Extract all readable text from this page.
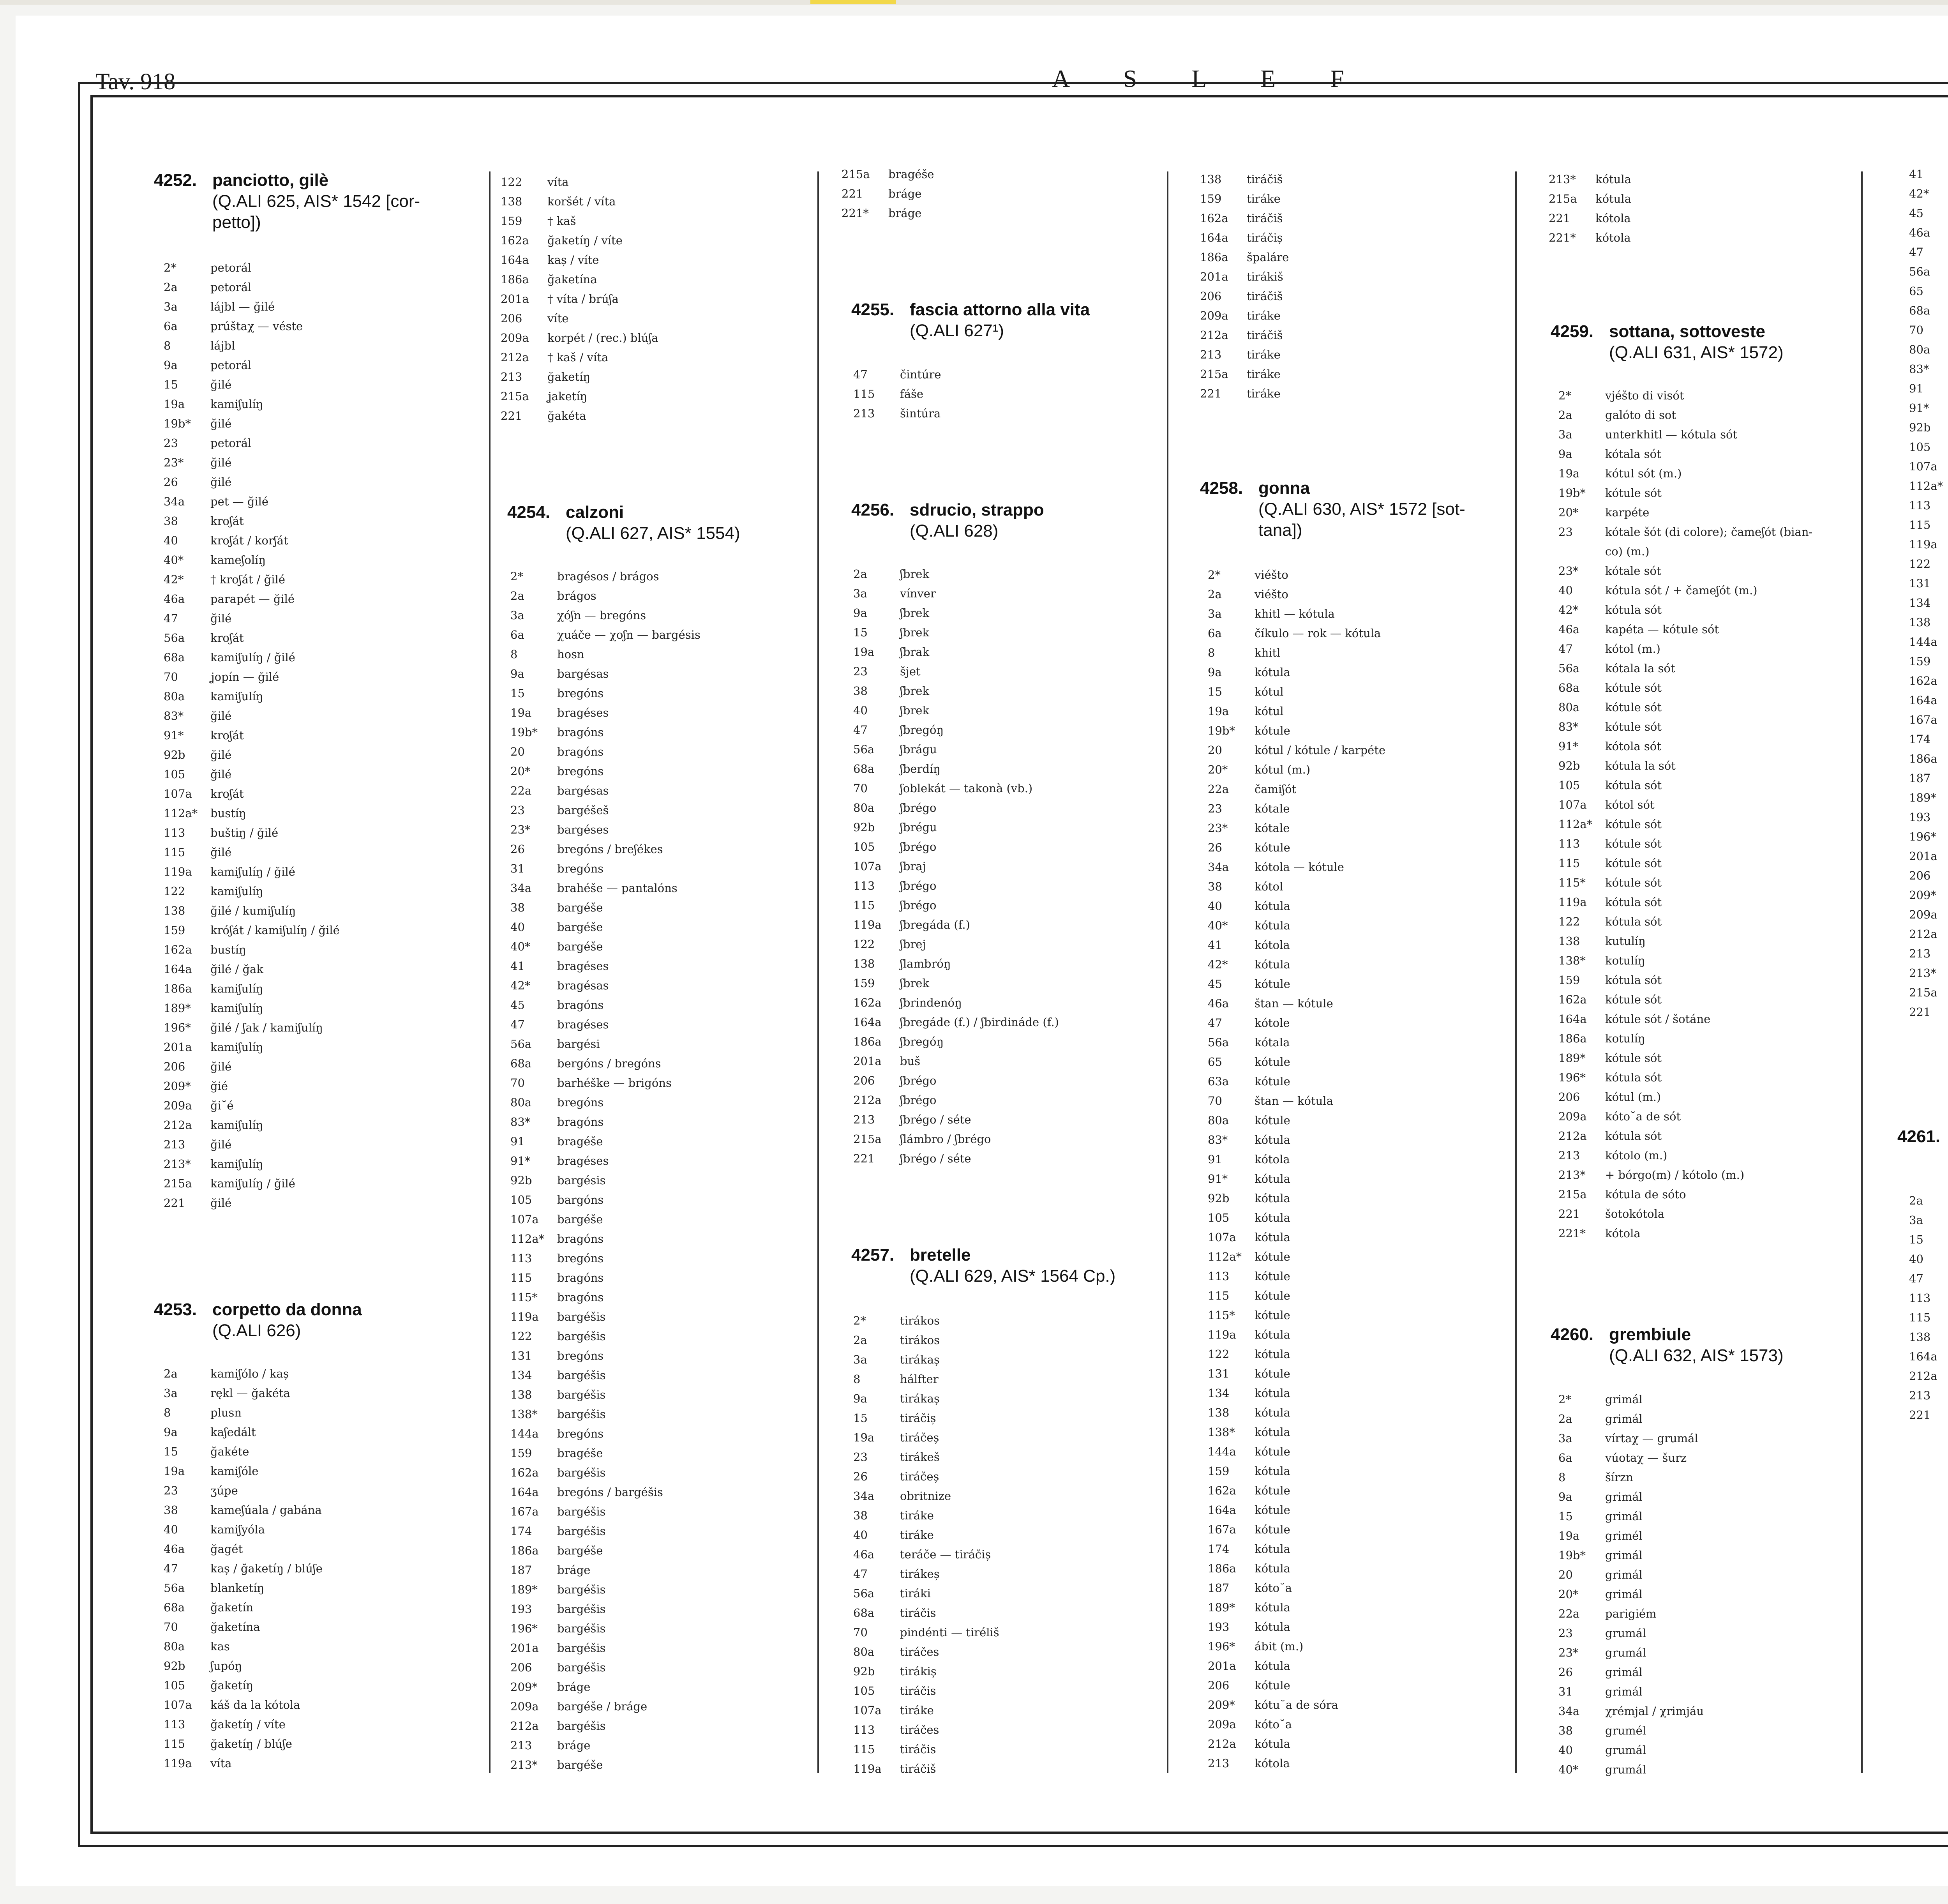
Tav. 918	A S L E F
4252. panciotto, gilè
(Q.ALI 625, AIS* 1542 [cor-
petto])
2*	petorál
2a	petorál
3a	lájbl — ğilé
6a	prúštaχ — véste
8	lájbl
9a	petorál
15	ğilé
19a kamiʃulíŋ
19b* ğilé
23	petorál
23* ğilé
26	ğilé
34a pet — ğilé
38	kroʃát
40	kroʃát / korʃát
40* kameʃolíŋ
42* † kroʃát / ğilé
46a parapét — ğilé
47	ğilé
56a kroʃát
68a kamiʃulíŋ / ğilé
70	ʝopín — ğilé
80a kamiʃulíŋ
83* ğilé
91* kroʃát
92b ğilé
105 ğilé
107a kroʃát
112a* bustíŋ
113 buštiŋ / ğilé
115 ğilé
119a kamiʃulíŋ / ğilé
122 kamiʃulíŋ
138 ğilé / kumiʃulíŋ
159 króʃát / kamiʃulíŋ / ğilé
162a bustíŋ
164a ğilé / ğak
186a kamiʃulíŋ
189* kamiʃulíŋ
196* ğilé / ʃak / kamiʃulíŋ
201a kamiʃulíŋ
206 ğilé
209* ğié
209a ği˘é
212a kamiʃulíŋ
213 ğilé
213* kamiʃulíŋ
215a kamiʃulíŋ / ğilé
221 ğilé
4253. corpetto da donna
(Q.ALI 626)
2a	kamiʃólo / kaș
3a	rękl — ğakéta
8	plusn
9a	kaʃedált
15	ğakéte
19a kamiʃóle
23	ʒúpe
38	kameʃúala / gabána
40	kamiʃyóla
46a ğagét
47	kaș / ğaketíŋ / blúʃe
56a blanketíŋ
68a ğaketín
70	ğaketína
80a kas
92b ʃupóŋ
105 ğaketíŋ
107a káš da la kótola
113 ğaketíŋ / víte
115 ğaketíŋ / blúʃe
119a víta
122 víta
138 koršét / víta
159 † kaš
162a ğaketíŋ / víte
164a kaș / víte
186a ğaketína
201a † víta / brúʃa
206 víte
209a korpét / (rec.) blúʃa
212a † kaš / víta
213 ğaketíŋ
215a ʝaketíŋ
221 ğakéta
4254. calzoni
(Q.ALI 627, AIS* 1554)
2*	bragésos / brágos
2a	brágos
3a	χóʃn — bregóns
6a	χuáče — χoʃn — bargésis
8	hosn
9a	bargésas
15	bregóns
19a bragéses
19b* bragóns
20	bragóns
20* bregóns
22a bargésas
23	bargéšeš
23* bargéses
26	bregóns / breʃékes
31	bregóns
34a brahéše — pantalóns
38	bargéše
40	bargéše
40* bargéše
41	bragéses
42* bragésas
45	bragóns
47	bragéses
56a bargési
68a bergóns / bregóns
70	barhéške — brigóns
80a bregóns
83* bragóns
91	bragéše
91* bragéses
92b bargésis
105 bargóns
107a bargéše
112a* bragóns
113 bregóns
115 bragóns
115* bragóns
119a bargéšis
122 bargéšis
131 bregóns
134 bargéšis
138 bargéšis
138* bargéšis
144a bregóns
159 bragéše
162a bargéšis
164a bregóns / bargéšis
167a bargéšis
174 bargéšis
186a bargéše
187 bráge
189* bargéšis
193 bargéšis
196* bargéšis
201a bargéšis
206 bargéšis
209* bráge
209a bargéše / bráge
212a bargéšis
213 bráge
213* bargéše
215a bragéše
221 bráge
221* bráge
4255. fascia attorno alla vita
(Q.ALI 627¹)
47	čintúre
115 fáše
213 šintúra
4256. sdrucio, strappo
(Q.ALI 628)
2a	ʃbrek
3a	vínver
9a	ʃbrek
15	ʃbrek
19a ʃbrak
23	šjet
38	ʃbrek
40	ʃbrek
47	ʃbregóŋ
56a ʃbrágu
68a ʃberdíŋ
70	ʃoblekát — takonà (vb.)
80a ʃbrégo
92b ʃbrégu
105 ʃbrégo
107a ʃbraj
113 ʃbrégo
115 ʃbrégo
119a ʃbregáda (f.)
122 ʃbrej
138 ʃlambróŋ
159 ʃbrek
162a ʃbrindenóŋ
164a ʃbregáde (f.) / ʃbirdináde (f.)
186a ʃbregóŋ
201a buš
206 ʃbrégo
212a ʃbrégo
213 ʃbrégo / séte
215a ʃlámbro / ʃbrégo
221 ʃbrégo / séte
4257. bretelle
(Q.ALI 629, AIS* 1564 Cp.)
2*	tirákos
2a	tirákos
3a	tirákaș
8	hálfter
9a	tirákaș
15	tiráčiș
19a tiráčeș
23	tirákeš
26	tiráčeș
34a obritnize
38	tiráke
40	tiráke
46a teráče — tiráčiș
47	tirákeș
56a tiráki
68a tiráčis
70	pindénti — tiréliš
80a tiráčes
92b tirákiș
105 tiráčis
107a tiráke
113 tiráčes
115 tiráčis
119a tiráčiš
138 tiráčiš
159 tiráke
162a tiráčiš
164a tiráčiș
186a špaláre
201a tirákiš
206 tiráčiš
209a tiráke
212a tiráčiš
213 tiráke
215a tiráke
221 tiráke
4258. gonna
(Q.ALI 630, AIS* 1572 [sot-
tana])
2*	viéšto
2a	viéšto
3a	khitl — kótula
6a	číkulo — rok — kótula
8	khitl
9a	kótula
15	kótul
19a kótul
19b* kótule
20	kótul / kótule / karpéte
20* kótul (m.)
22a čamiʃót
23	kótale
23* kótale
26	kótule
34a kótola — kótule
38	kótol
40	kótula
40* kótula
41	kótola
42* kótula
45	kótule
46a štan — kótule
47	kótole
56a kótala
65	kótule
63a kótule
70	štan — kótula
80a kótule
83* kótula
91	kótola
91* kótula
92b kótula
105 kótula
107a kótula
112a* kótule
113 kótule
115 kótule
115* kótule
119a kótula
122 kótula
131 kótule
134 kótula
138 kótula
138* kótula
144a kótule
159 kótula
162a kótule
164a kótule
167a kótule
174 kótula
186a kótula
187 kóto˘a
189* kótula
193 kótula
196* ábit (m.)
201a kótula
206 kótule
209* kótu˘a de sóra
209a kóto˘a
212a kótula
213 kótola
213* kótula
215a kótula
221 kótola
221* kótola
4259. sottana, sottoveste
(Q.ALI 631, AIS* 1572)
2*	vjéšto di visót
2a	galóto di sot
3a	unterkhitl — kótula sót
9a	kótala sót
19a kótul sót (m.)
19b* kótule sót
20* karpéte
23	kótale šót (di colore); čameʃót (bian-
co) (m.)
23* kótale sót
40	kótula sót / + čameʃót (m.)
42* kótula sót
46a kapéta — kótule sót
47	kótol (m.)
56a kótala la sót
68a kótule sót
80a kótule sót
83* kótule sót
91* kótola sót
92b kótula la sót
105 kótula sót
107a kótol sót
112a* kótule sót
113 kótule sót
115 kótule sót
115* kótule sót
119a kótula sót
122 kótula sót
138 kutulíŋ
138* kotulíŋ
159 kótula sót
162a kótule sót
164a kótule sót / šotáne
186a kotulíŋ
189* kótule sót
196* kótula sót
206 kótul (m.)
209a kóto˘a de sót
212a kótula sót
213 kótolo (m.)
213* + bórgo(m) / kótolo (m.)
215a kótula de sóto
221 šotokótola
221* kótola
4260. grembiule
(Q.ALI 632, AIS* 1573)
2*	grimál
2a	grimál
3a	vírtaχ — grumál
6a	vúotaχ — šurz
8	šírzn
9a	grimál
15	grimál
19a grimél
19b* grimál
20	grimál
20* grimál
22a parigiém
23	grumál
23* grumál
26	grimál
31	grimál
34a χrémjal / χrimjáu
38	grumél
40	grumál
40* grumál
41
42*
45
46a
47
56a
65
68a
70
80a
83*
91
91*
92b
105
107a
112a*
113
115
119a
122
131
134
138
144a
159
162a
164a
167a
174
186a
187
189*
193
196*
201a
206
209*
209a
212a
213
213*
215a
221
4261.
2a
3a
15
40
47
113
115
138
164a
212a
213
221
